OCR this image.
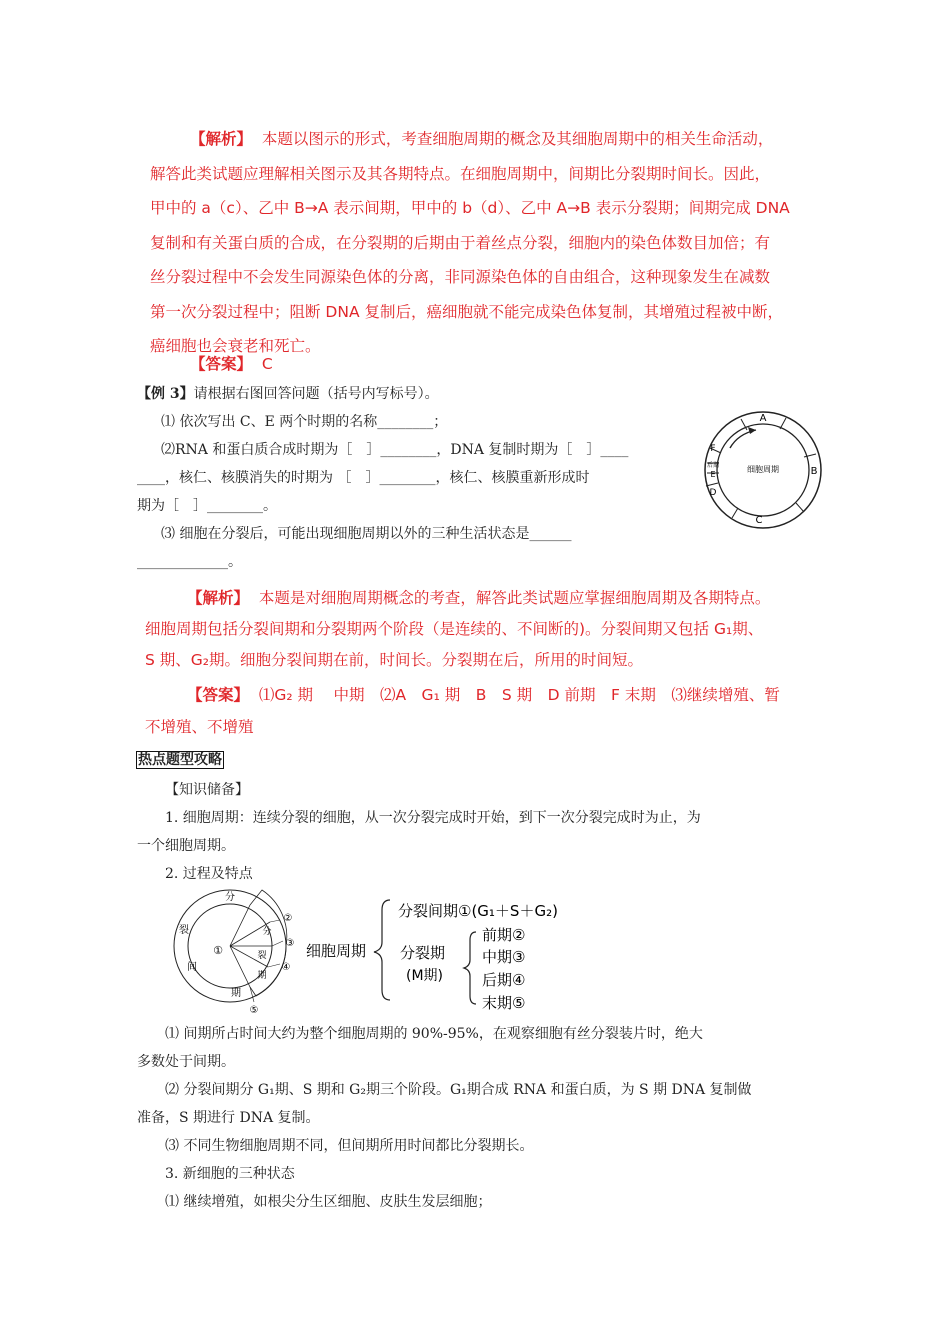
【解析】 本题以图示的形式，考查细胞周期的概念及其细胞周期中的相关生命活动，

解答此类试题应理解相关图示及其各期特点。在细胞周期中，间期比分裂期时间长。因此，

甲中的 a（c）、乙中 B→A 表示间期，甲中的 b（d）、乙中 A→B 表示分裂期；间期完成 DNA

复制和有关蛋白质的合成，在分裂期的后期由于着丝点分裂，细胞内的染色体数目加倍；有

丝分裂过程中不会发生同源染色体的分离，非同源染色体的自由组合，这种现象发生在减数

第一次分裂过程中；阻断 DNA 复制后，癌细胞就不能完成染色体复制，其增殖过程被中断，

癌细胞也会衰老和死亡。

【答案】 C

【例 3】请根据右图回答问题（括号内写标号）。

⑴ 依次写出 C、E 两个时期的名称________；

⑵RNA 和蛋白质合成时期为［　］________，DNA 复制时期为［　］____

____，核仁、核膜消失的时期为 ［　］________，核仁、核膜重新形成时

期为［　］________。

⑶ 细胞在分裂后，可能出现细胞周期以外的三种生活状态是______

_____________。

A
B
C
D
E
F
后期	细胞周期

【解析】 本题是对细胞周期概念的考查，解答此类试题应掌握细胞周期及各期特点。

细胞周期包括分裂间期和分裂期两个阶段（是连续的、不间断的)。分裂间期又包括 G₁期、

S 期、G₂期。细胞分裂间期在前，时间长。分裂期在后，所用的时间短。

【答案】 ⑴G₂ 期　 中期　⑵A　G₁ 期　B　S 期　D 前期　F 末期　⑶继续增殖、暂

不增殖、不增殖

热点题型攻略

【知识储备】

1. 细胞周期：连续分裂的细胞，从一次分裂完成时开始，到下一次分裂完成时为止，为

一个细胞周期。

2. 过程及特点

分
裂
间
期
①
分
裂
期
②
③
④
⑤
细胞周期
分裂间期①(G₁＋S＋G₂)
分裂期
(M期)
前期②
中期③
后期④
末期⑤

⑴ 间期所占时间大约为整个细胞周期的 90%-95%，在观察细胞有丝分裂装片时，绝大

多数处于间期。

⑵ 分裂间期分 G₁期、S 期和 G₂期三个阶段。G₁期合成 RNA 和蛋白质，为 S 期 DNA 复制做

准备，S 期进行 DNA 复制。

⑶ 不同生物细胞周期不同，但间期所用时间都比分裂期长。

3. 新细胞的三种状态

⑴ 继续增殖，如根尖分生区细胞、皮肤生发层细胞；
